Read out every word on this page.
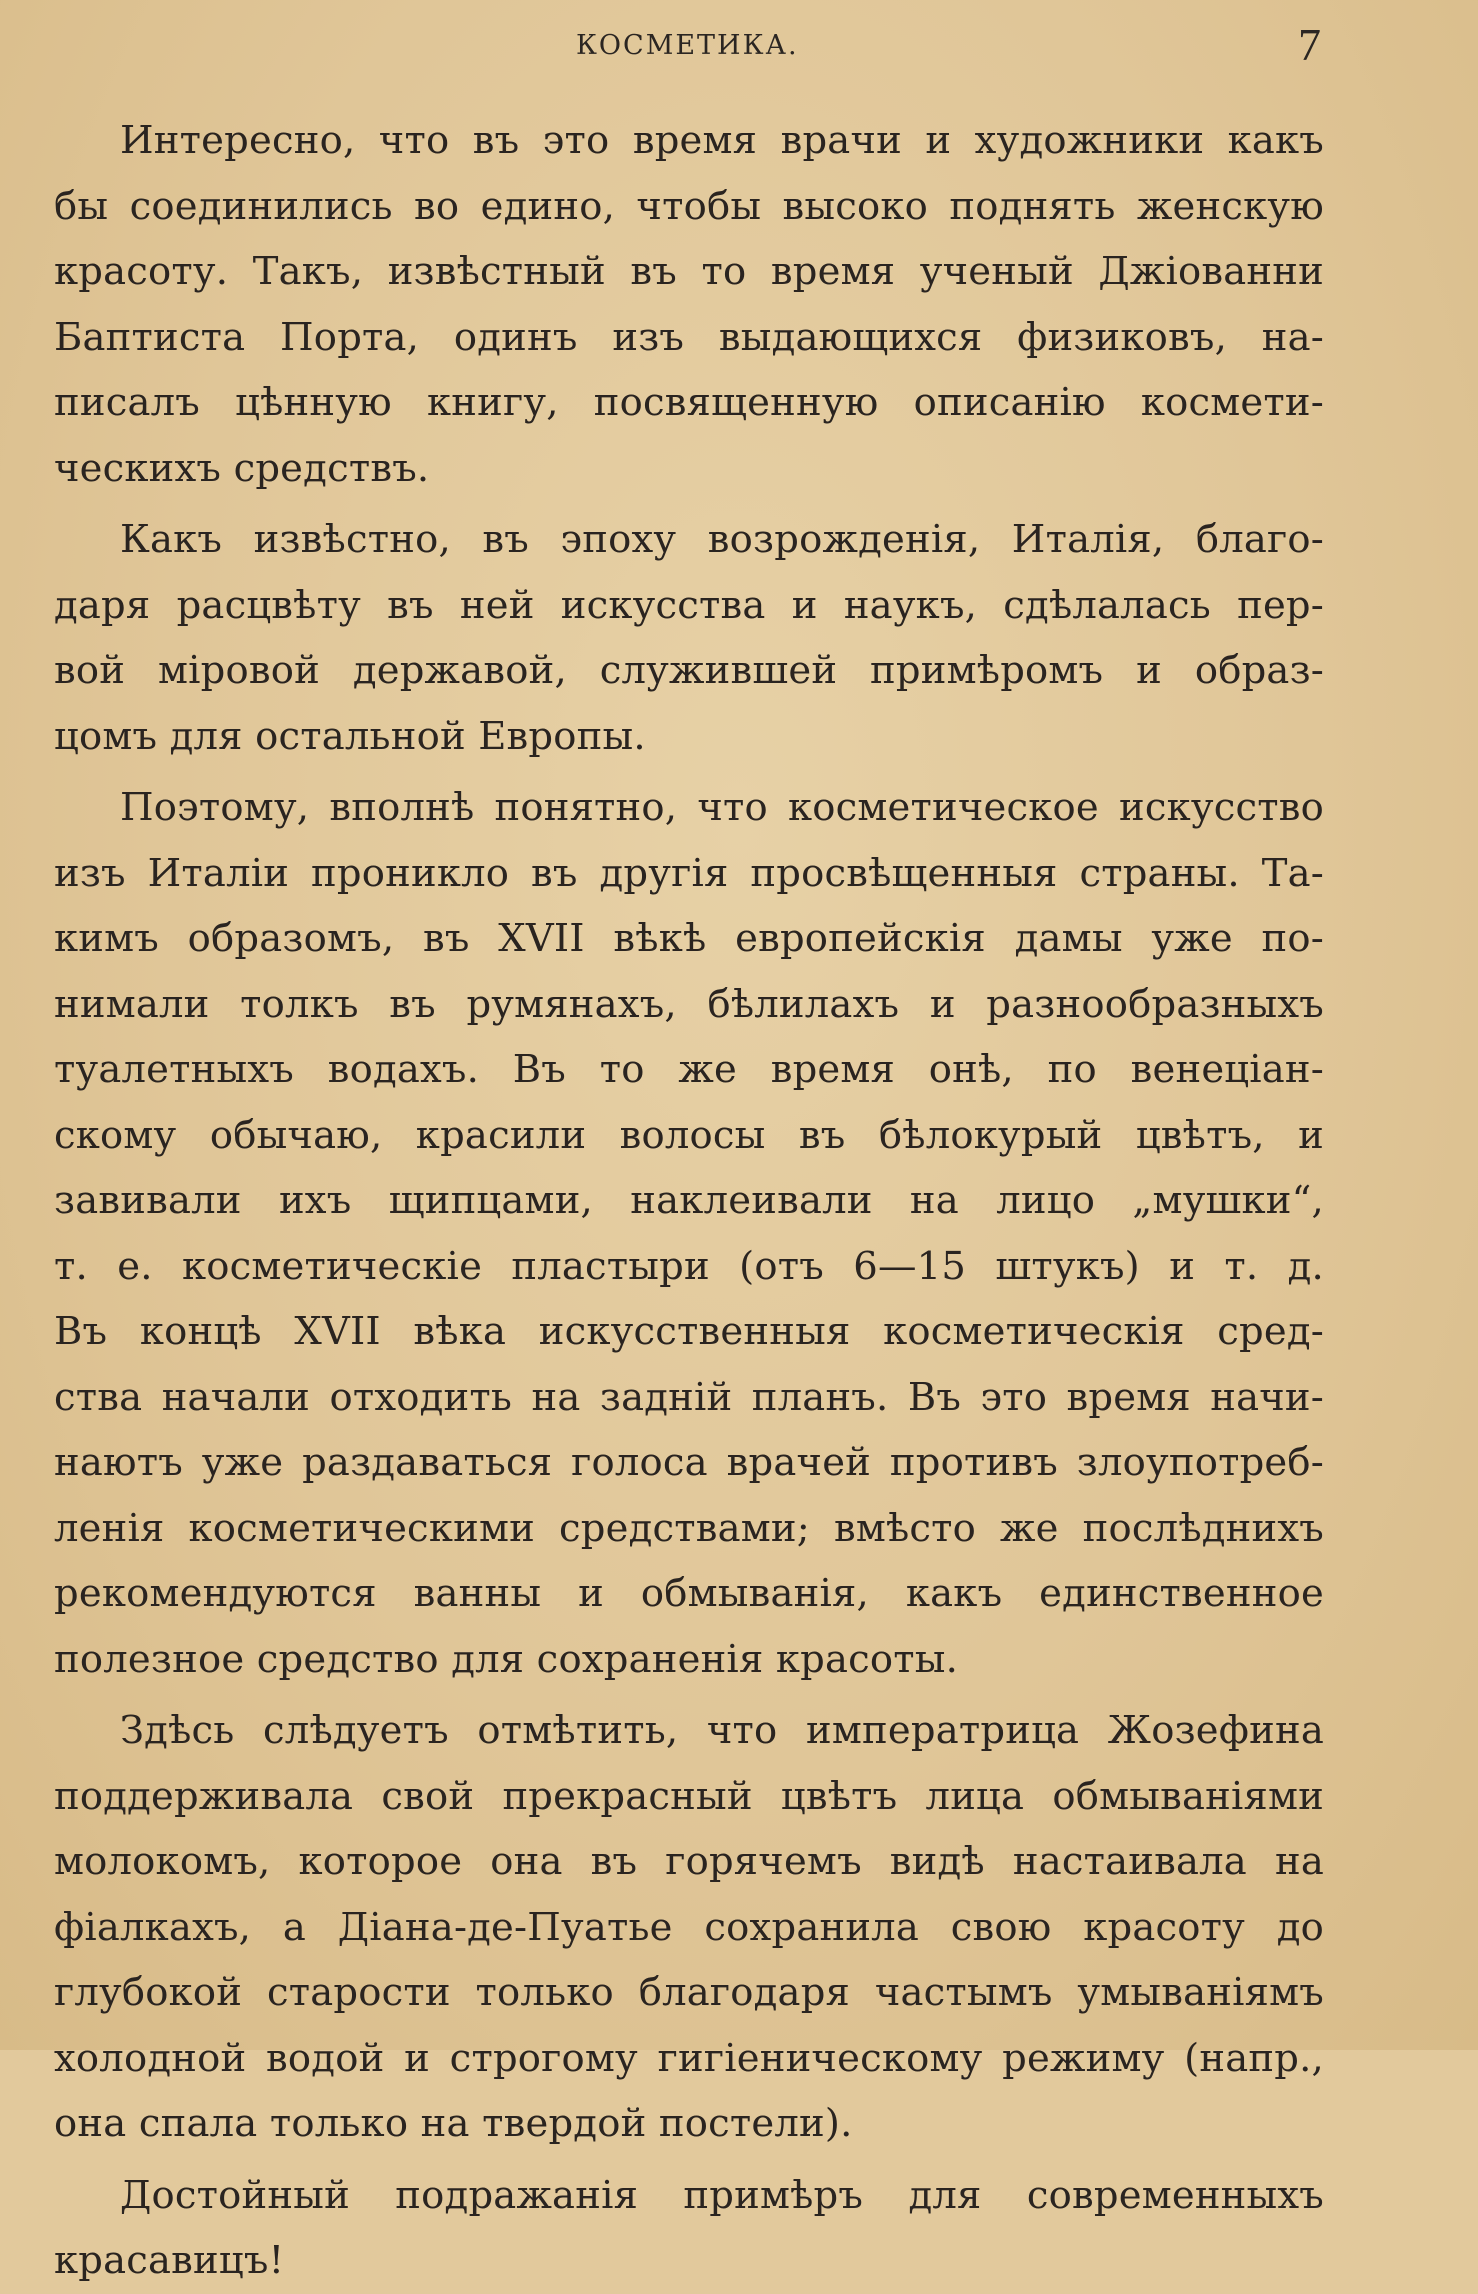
КОСМЕТИКА.	7
Интересно, что въ это время врачи и художники какъ
бы соединились во едино, чтобы высоко поднять женскую
красоту. Такъ, извѣстный въ то время ученый Джіованни
Баптиста Порта, одинъ изъ выдающихся физиковъ, на-
писалъ цѣнную книгу, посвященную описанію космети-
ческихъ средствъ.
Какъ извѣстно, въ эпоху возрожденія, Италія, благо-
даря расцвѣту въ ней искусства и наукъ, сдѣлалась пер-
вой міровой державой, служившей примѣромъ и образ-
цомъ для остальной Европы.
Поэтому, вполнѣ понятно, что косметическое искусство
изъ Италіи проникло въ другія просвѣщенныя страны. Та-
кимъ образомъ, въ XVII вѣкѣ европейскія дамы уже по-
нимали толкъ въ румянахъ, бѣлилахъ и разнообразныхъ
туалетныхъ водахъ. Въ то же время онѣ, по венеціан-
скому обычаю, красили волосы въ бѣлокурый цвѣтъ, и
завивали ихъ щипцами, наклеивали на лицо „мушки“,
т. е. косметическіе пластыри (отъ 6—15 штукъ) и т. д.
Въ концѣ XVII вѣка искусственныя косметическія сред-
ства начали отходить на заднiй планъ. Въ это время начи-
наютъ уже раздаваться голоса врачей противъ злоупотреб-
ленія косметическими средствами; вмѣсто же послѣднихъ
рекомендуются ванны и обмыванія, какъ единственное
полезное средство для сохраненія красоты.
Здѣсь слѣдуетъ отмѣтить, что императрица Жозефина
поддерживала свой прекрасный цвѣтъ лица обмываніями
молокомъ, которое она въ горячемъ видѣ настаивала на
фіалкахъ, а Діана-де-Пуатье сохранила свою красоту до
глубокой старости только благодаря частымъ умываніямъ
холодной водой и строгому гигіеническому режиму (напр.,
она спала только на твердой постели).
Достойный подражанія примѣръ для современныхъ
красавицъ!
